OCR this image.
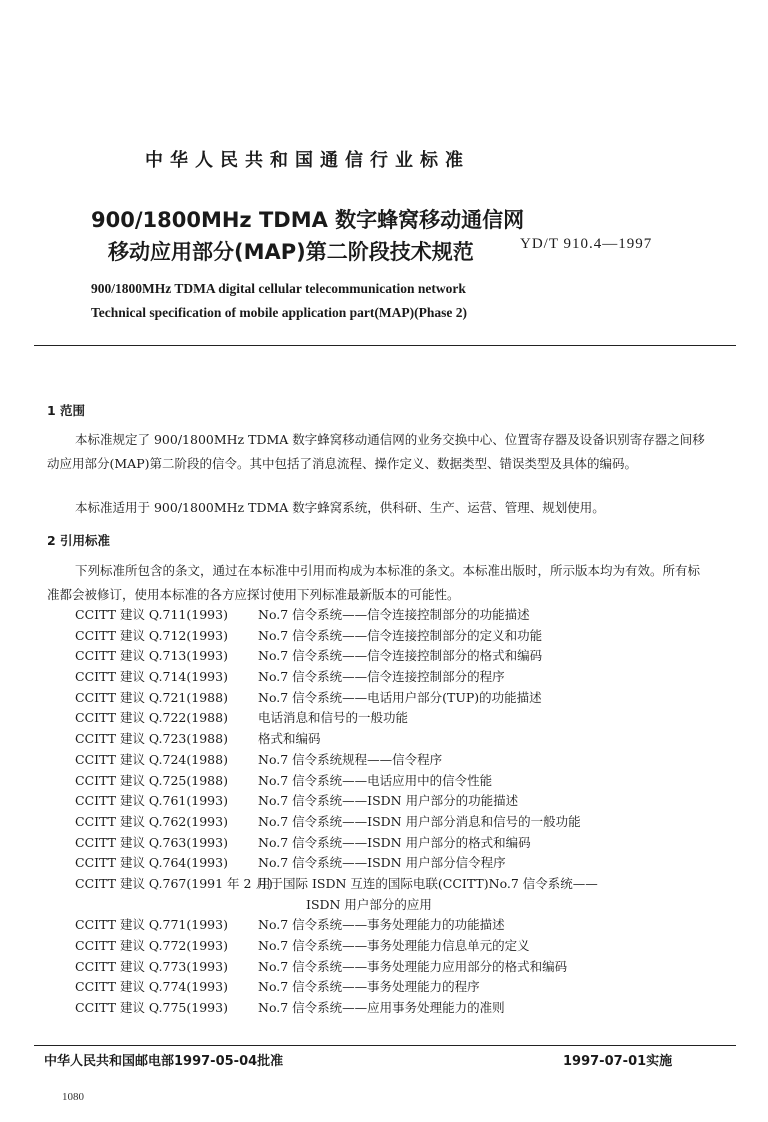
中华人民共和国通信行业标准
900/1800MHz TDMA 数字蜂窝移动通信网
移动应用部分(MAP)第二阶段技术规范	YD/T 910.4—1997
900/1800MHz TDMA digital cellular telecommunication network
Technical specification of mobile application part(MAP)(Phase 2)
1 范围
本标准规定了 900/1800MHz TDMA 数字蜂窝移动通信网的业务交换中心、位置寄存器及设备识别寄存器之间移动应用部分(MAP)第二阶段的信令。其中包括了消息流程、操作定义、数据类型、错误类型及具体的编码。
本标准适用于 900/1800MHz TDMA 数字蜂窝系统，供科研、生产、运营、管理、规划使用。
2 引用标准
下列标准所包含的条文，通过在本标准中引用而构成为本标准的条文。本标准出版时，所示版本均为有效。所有标准都会被修订，使用本标准的各方应探讨使用下列标准最新版本的可能性。
CCITT 建议 Q.711(1993) No.7 信令系统——信令连接控制部分的功能描述
CCITT 建议 Q.712(1993) No.7 信令系统——信令连接控制部分的定义和功能
CCITT 建议 Q.713(1993) No.7 信令系统——信令连接控制部分的格式和编码
CCITT 建议 Q.714(1993) No.7 信令系统——信令连接控制部分的程序
CCITT 建议 Q.721(1988) No.7 信令系统——电话用户部分(TUP)的功能描述
CCITT 建议 Q.722(1988) 电话消息和信号的一般功能
CCITT 建议 Q.723(1988) 格式和编码
CCITT 建议 Q.724(1988) No.7 信令系统规程——信令程序
CCITT 建议 Q.725(1988) No.7 信令系统——电话应用中的信令性能
CCITT 建议 Q.761(1993) No.7 信令系统——ISDN 用户部分的功能描述
CCITT 建议 Q.762(1993) No.7 信令系统——ISDN 用户部分消息和信号的一般功能
CCITT 建议 Q.763(1993) No.7 信令系统——ISDN 用户部分的格式和编码
CCITT 建议 Q.764(1993) No.7 信令系统——ISDN 用户部分信令程序
CCITT 建议 Q.767(1991 年 2 月)用于国际 ISDN 互连的国际电联(CCITT)No.7 信令系统——
ISDN 用户部分的应用
CCITT 建议 Q.771(1993) No.7 信令系统——事务处理能力的功能描述
CCITT 建议 Q.772(1993) No.7 信令系统——事务处理能力信息单元的定义
CCITT 建议 Q.773(1993) No.7 信令系统——事务处理能力应用部分的格式和编码
CCITT 建议 Q.774(1993) No.7 信令系统——事务处理能力的程序
CCITT 建议 Q.775(1993) No.7 信令系统——应用事务处理能力的准则
中华人民共和国邮电部1997-05-04批准	1997-07-01实施
1080
